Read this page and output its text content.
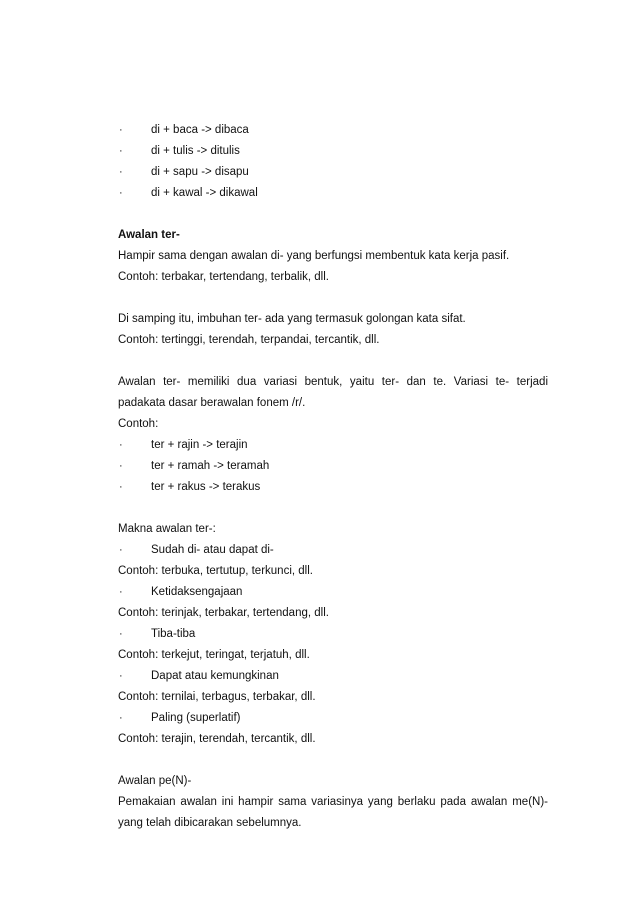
·	di + baca -> dibaca
·	di + tulis -> ditulis
·	di + sapu -> disapu
·	di + kawal -> dikawal
Awalan ter-
Hampir sama dengan awalan di- yang berfungsi membentuk kata kerja pasif.
Contoh: terbakar, tertendang, terbalik, dll.
Di samping itu, imbuhan ter- ada yang termasuk golongan kata sifat.
Contoh: tertinggi, terendah, terpandai, tercantik, dll.
Awalan ter- memiliki dua variasi bentuk, yaitu ter- dan te. Variasi te- terjadi
padakata dasar berawalan fonem /r/.
Contoh:
·	ter + rajin -> terajin
·	ter + ramah -> teramah
·	ter + rakus -> terakus
Makna awalan ter-:
·	Sudah di- atau dapat di-
Contoh: terbuka, tertutup, terkunci, dll.
·	Ketidaksengajaan
Contoh: terinjak, terbakar, tertendang, dll.
·	Tiba-tiba
Contoh: terkejut, teringat, terjatuh, dll.
·	Dapat atau kemungkinan
Contoh: ternilai, terbagus, terbakar, dll.
·	Paling (superlatif)
Contoh: terajin, terendah, tercantik, dll.
Awalan pe(N)-
Pemakaian awalan ini hampir sama variasinya yang berlaku pada awalan me(N)-
yang telah dibicarakan sebelumnya.
